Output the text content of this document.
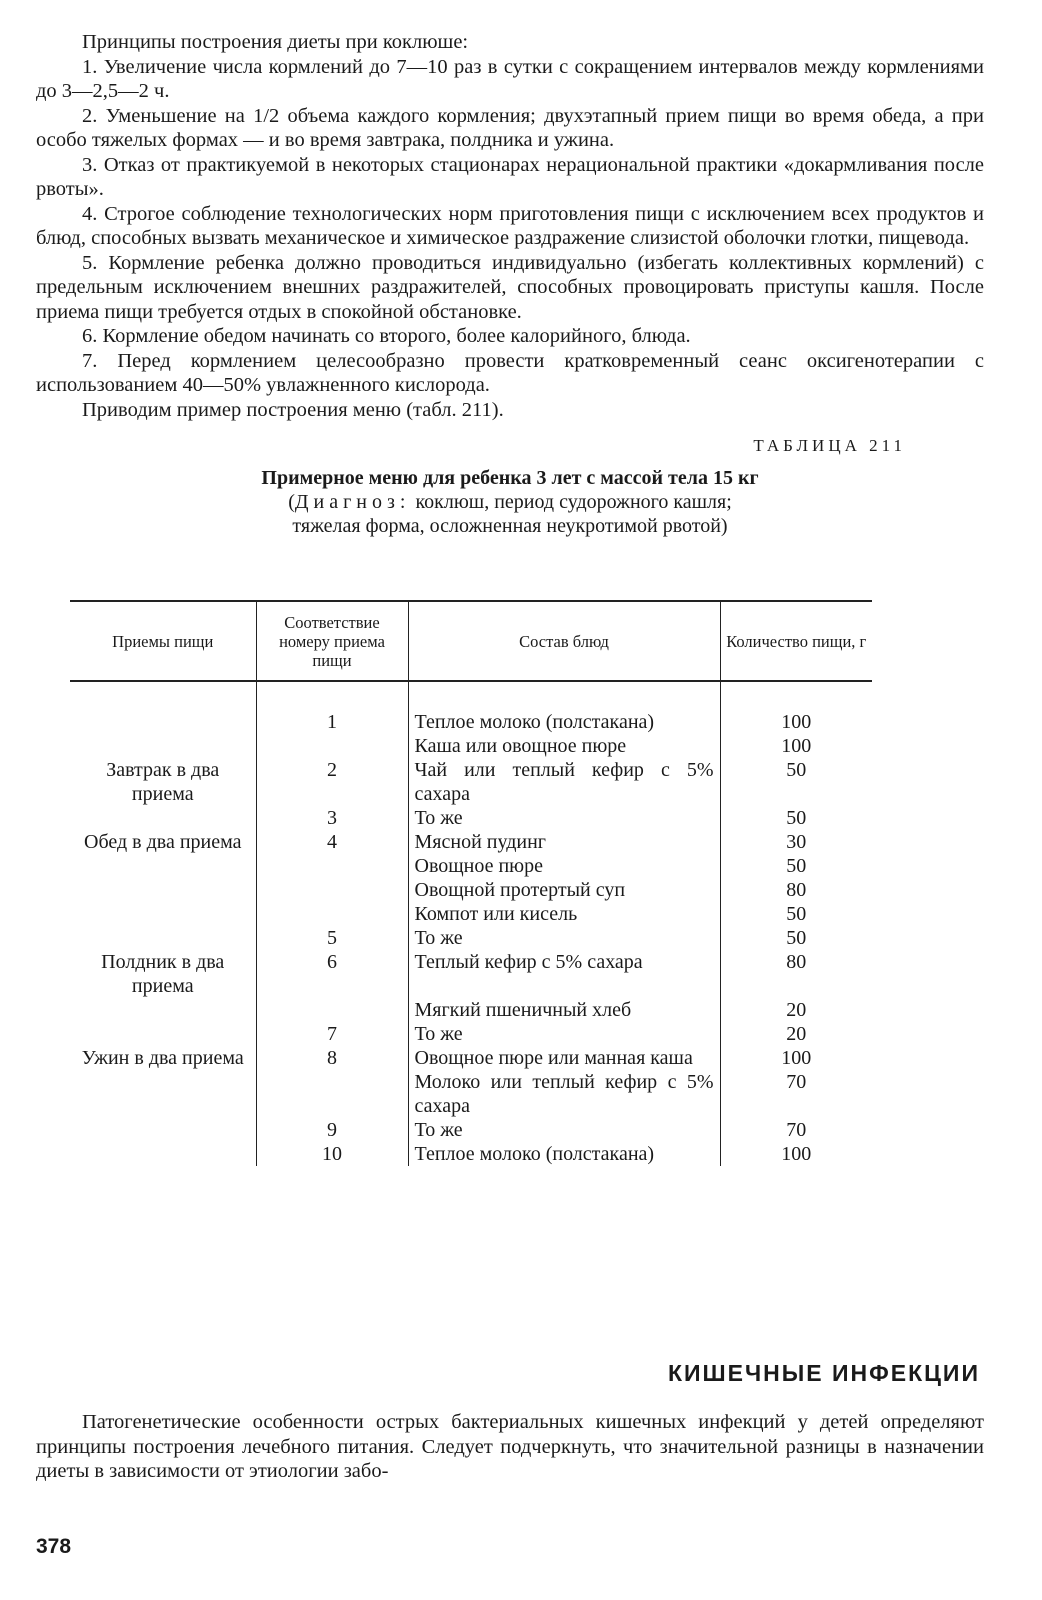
Принципы построения диеты при коклюше:

1. Увеличение числа кормлений до 7—10 раз в сутки с сокращением интервалов между кормлениями до 3—2,5—2 ч.

2. Уменьшение на 1/2 объема каждого кормления; двухэтапный прием пищи во время обеда, а при особо тяжелых формах — и во время завтрака, полдника и ужина.

3. Отказ от практикуемой в некоторых стационарах нерациональной практики «докармливания после рвоты».

4. Строгое соблюдение технологических норм приготовления пищи с исключением всех продуктов и блюд, способных вызвать механическое и химическое раздражение слизистой оболочки глотки, пищевода.

5. Кормление ребенка должно проводиться индивидуально (избегать коллективных кормлений) с предельным исключением внешних раздражителей, способных провоцировать приступы кашля. После приема пищи требуется отдых в спокойной обстановке.

6. Кормление обедом начинать со второго, более калорийного, блюда.

7. Перед кормлением целесообразно провести кратковременный сеанс оксигенотерапии с использованием 40—50% увлажненного кислорода.

Приводим пример построения меню (табл. 211).

ТАБЛИЦА 211
Примерное меню для ребенка 3 лет с массой тела 15 кг
(Диагноз: коклюш, период судорожного кашля;
тяжелая форма, осложненная неукротимой рвотой)
Приемы пищи	Соответствие номеру приема пищи	Состав блюд	Количество пищи, г

	1	Теплое молоко (полстакана)	100
		Каша или овощное пюре	100
Завтрак в два приема	2	Чай или теплый кефир с 5% сахара	50
	3	То же	50
Обед в два приема	4	Мясной пудинг	30
		Овощное пюре	50
		Овощной протертый суп	80
		Компот или кисель	50
	5	То же	50
Полдник в два приема	6	Теплый кефир с 5% сахара	80
		Мягкий пшеничный хлеб	20
	7	То же	20
Ужин в два приема	8	Овощное пюре или манная каша	100
		Молоко или теплый кефир с 5% сахара	70
	9	То же	70
	10	Теплое молоко (полстакана)	100
КИШЕЧНЫЕ ИНФЕКЦИИ

Патогенетические особенности острых бактериальных кишечных инфекций у детей определяют принципы построения лечебного питания. Следует подчеркнуть, что значительной разницы в назначении диеты в зависимости от этиологии забо-

378
